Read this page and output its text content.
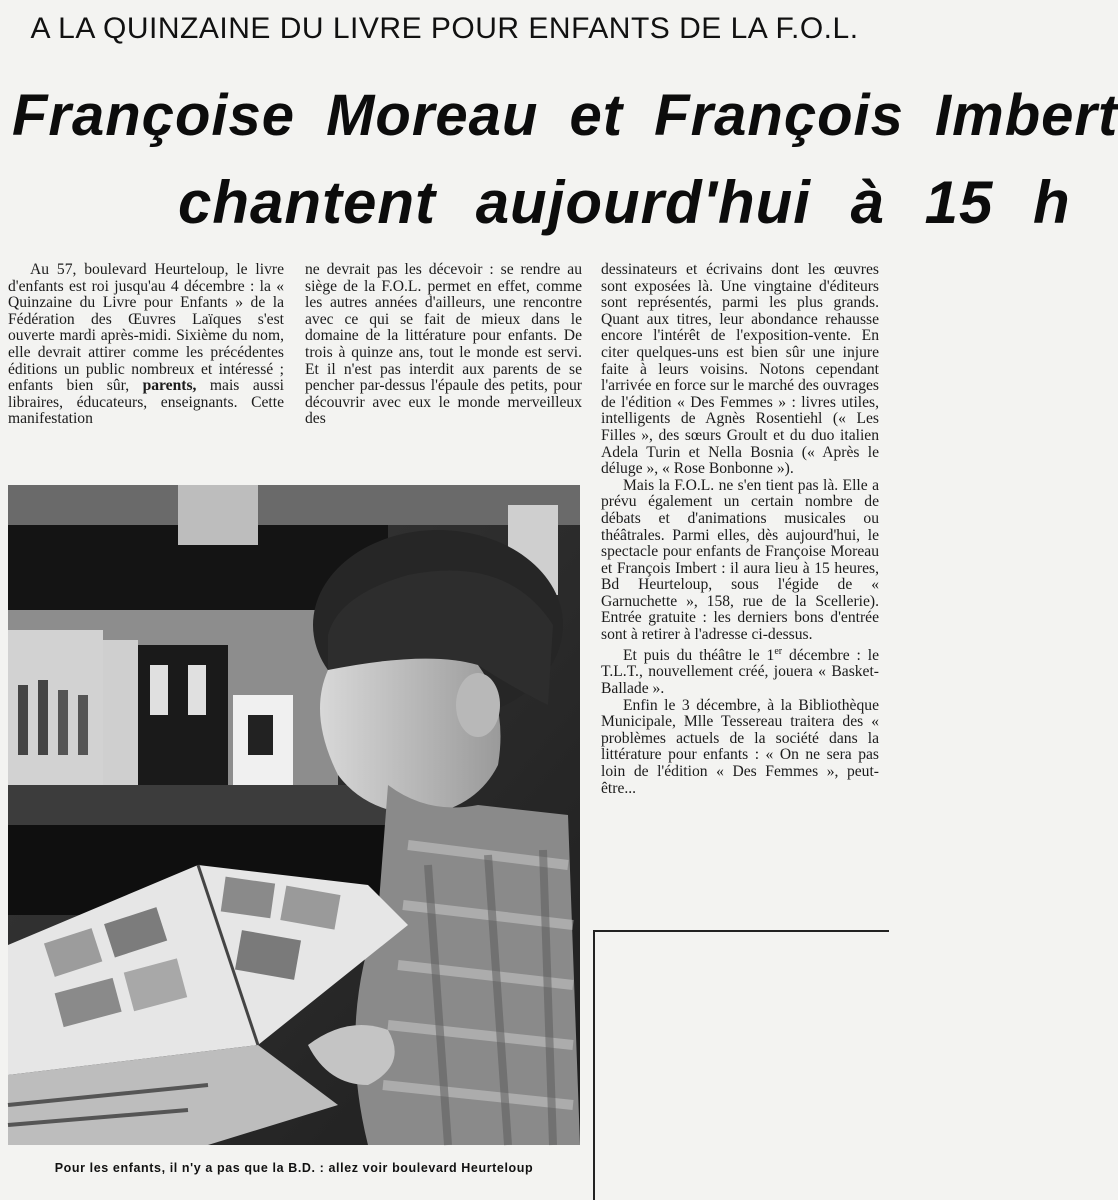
A LA QUINZAINE DU LIVRE POUR ENFANTS DE LA F.O.L.
Françoise Moreau et François Imbert
chantent aujourd'hui à 15 h

Au 57, boulevard Heurteloup, le livre d'enfants est roi jusqu'au 4 décembre : la « Quinzaine du Livre pour Enfants » de la Fédération des Œuvres Laïques s'est ouverte mardi après-midi. Sixième du nom, elle devrait attirer comme les précédentes éditions un public nombreux et intéressé ; enfants bien sûr, parents, mais aussi libraires, éducateurs, enseignants. Cette manifestation

ne devrait pas les décevoir : se rendre au siège de la F.O.L. permet en effet, comme les autres années d'ailleurs, une rencontre avec ce qui se fait de mieux dans le domaine de la littérature pour enfants. De trois à quinze ans, tout le monde est servi. Et il n'est pas interdit aux parents de se pencher par-dessus l'épaule des petits, pour découvrir avec eux le monde merveilleux des

dessinateurs et écrivains dont les œuvres sont exposées là. Une vingtaine d'éditeurs sont représentés, parmi les plus grands. Quant aux titres, leur abondance rehausse encore l'intérêt de l'exposition-vente. En citer quelques-uns est bien sûr une injure faite à leurs voisins. Notons cependant l'arrivée en force sur le marché des ouvrages de l'édition « Des Femmes » : livres utiles, intelligents de Agnès Rosentiehl (« Les Filles », des sœurs Groult et du duo italien Adela Turin et Nella Bosnia (« Après le déluge », « Rose Bonbonne »).

Mais la F.O.L. ne s'en tient pas là. Elle a prévu également un certain nombre de débats et d'animations musicales ou théâtrales. Parmi elles, dès aujourd'hui, le spectacle pour enfants de Françoise Moreau et François Imbert : il aura lieu à 15 heures, Bd Heurteloup, sous l'égide de « Garnuchette », 158, rue de la Scellerie). Entrée gratuite : les derniers bons d'entrée sont à retirer à l'adresse ci-dessus.

Et puis du théâtre le 1er décembre : le T.L.T., nouvellement créé, jouera « Basket-Ballade ».

Enfin le 3 décembre, à la Bibliothèque Municipale, Mlle Tessereau traitera des « problèmes actuels de la société dans la littérature pour enfants : « On ne sera pas loin de l'édition « Des Femmes », peut-être...

Pour les enfants, il n'y a pas que la B.D. : allez voir boulevard Heurteloup
